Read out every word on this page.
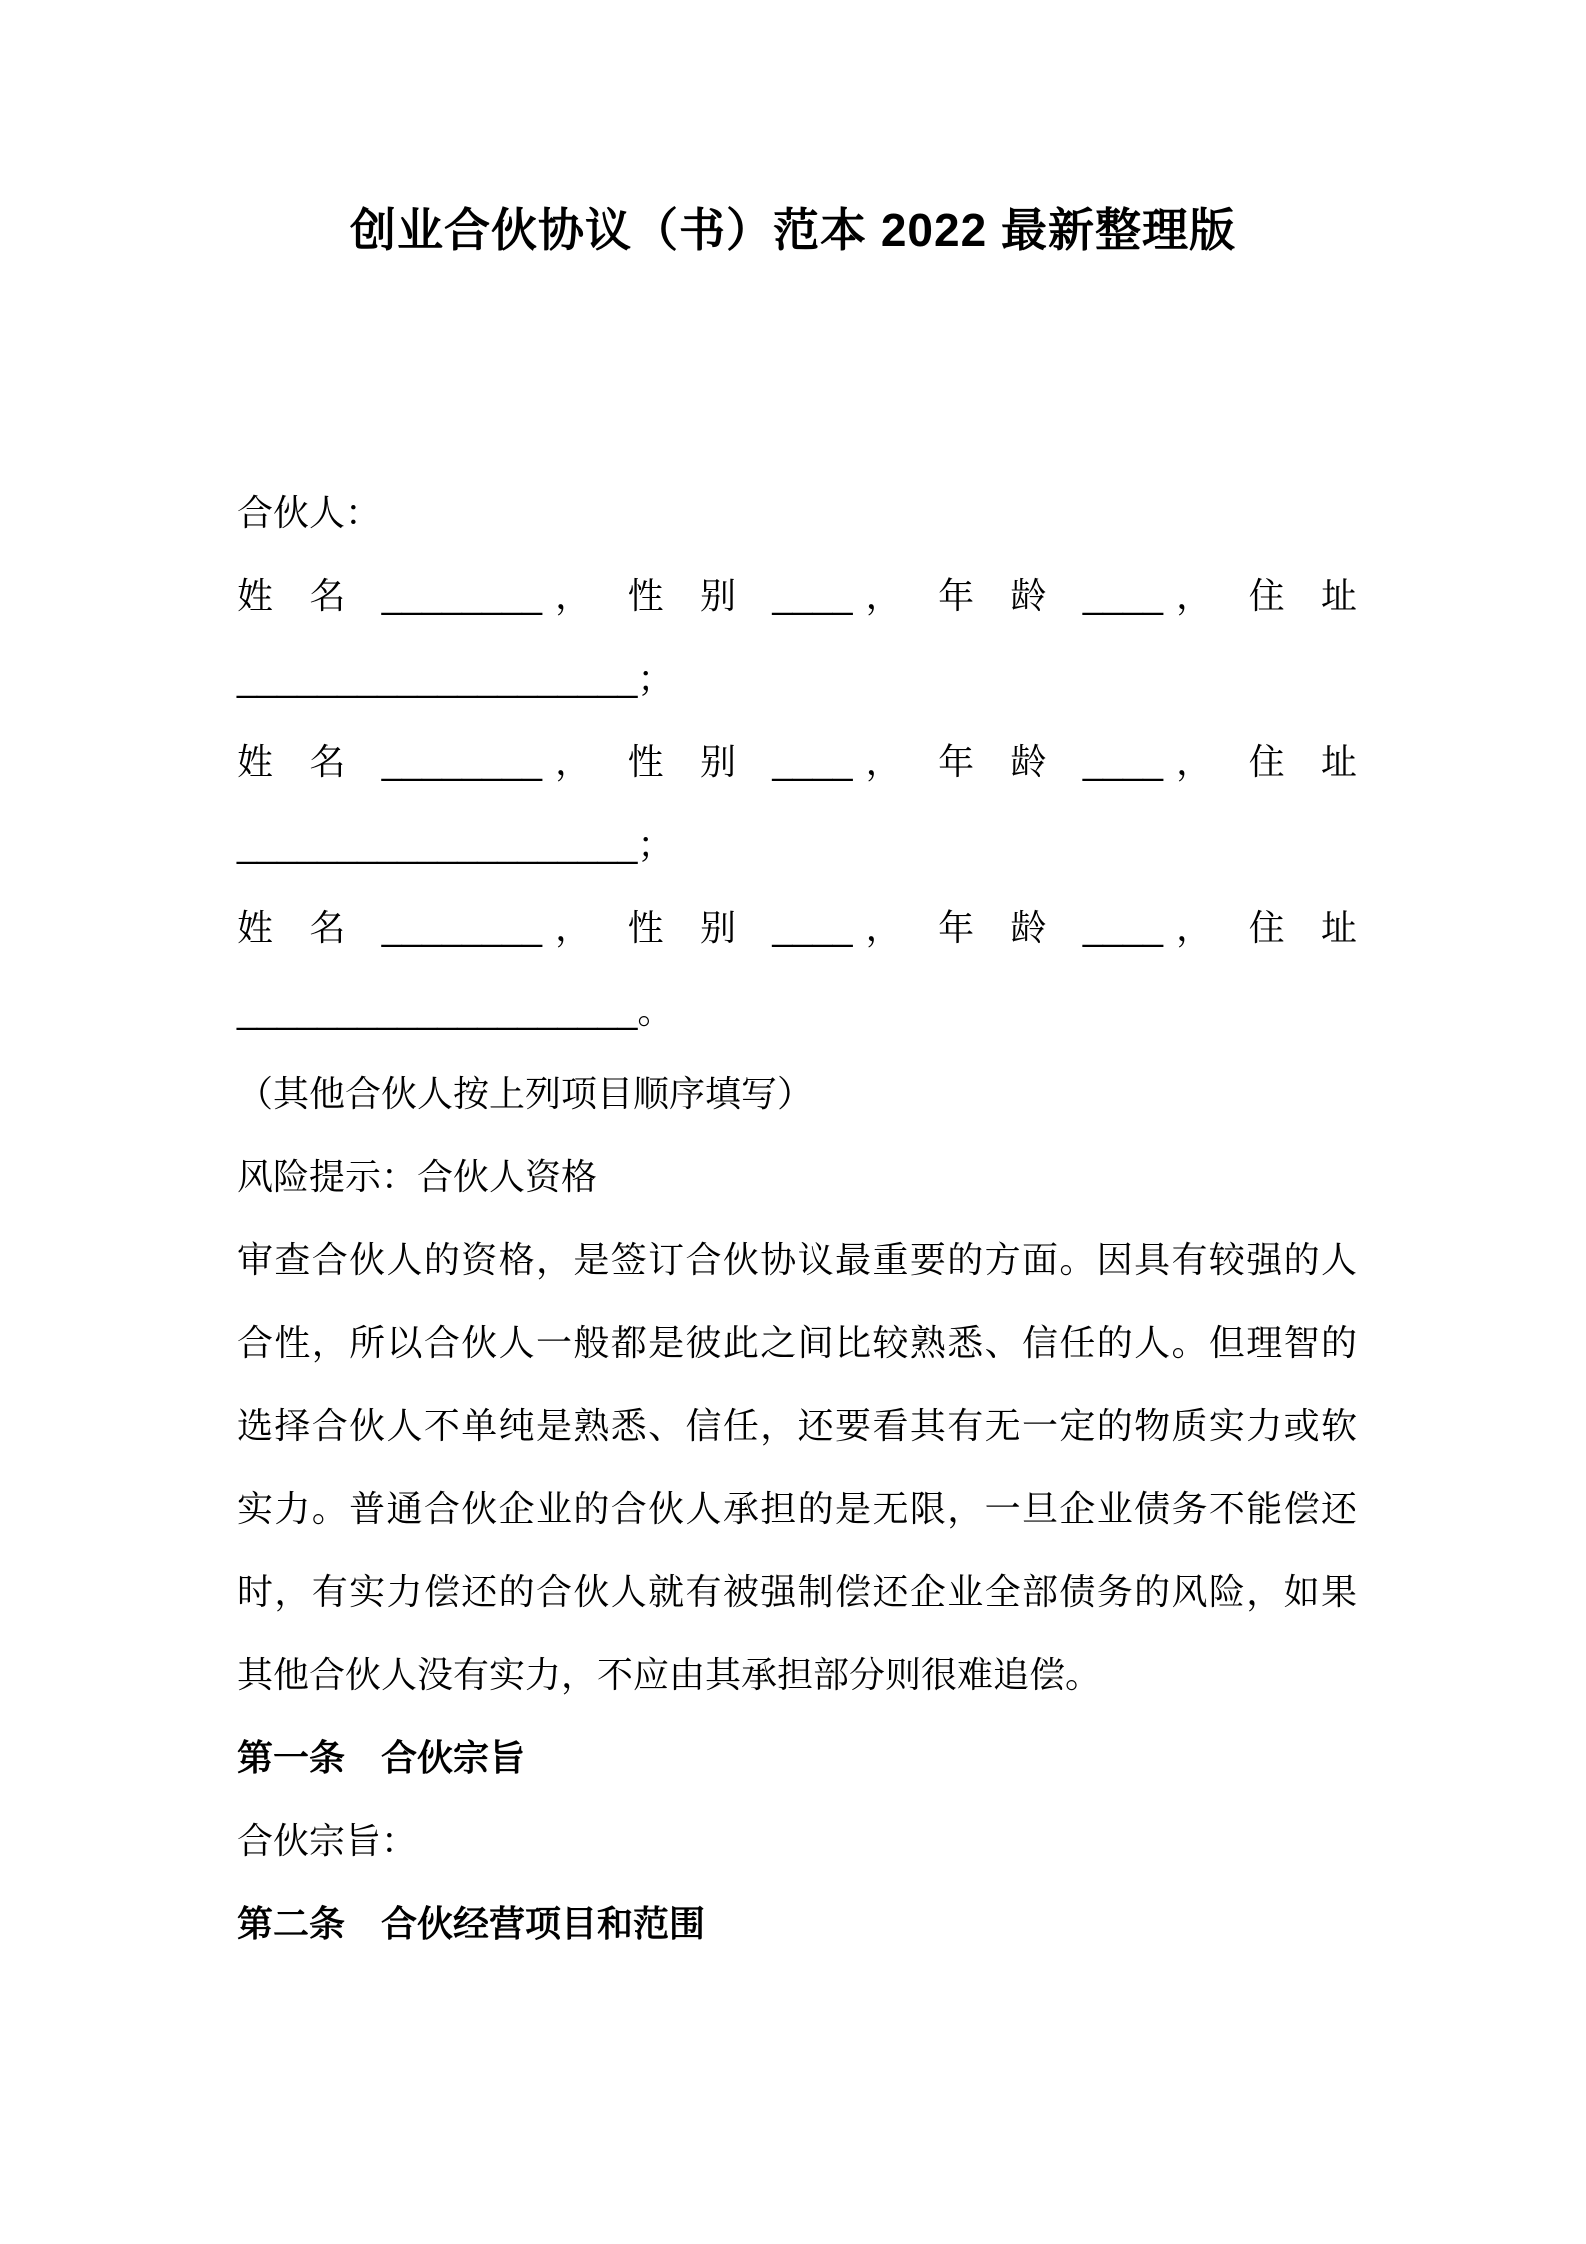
创业合伙协议（书）范本 2022 最新整理版
合伙人：
姓 名 ________， 性 别 ____， 年 龄 ____， 住 址
____________________；
姓 名 ________， 性 别 ____， 年 龄 ____， 住 址
____________________；
姓 名 ________， 性 别 ____， 年 龄 ____， 住 址
____________________。
（其他合伙人按上列项目顺序填写）
风险提示：合伙人资格
审查合伙人的资格，是签订合伙协议最重要的方面。因具有较强的人
合性，所以合伙人一般都是彼此之间比较熟悉、信任的人。但理智的
选择合伙人不单纯是熟悉、信任，还要看其有无一定的物质实力或软
实力。普通合伙企业的合伙人承担的是无限，一旦企业债务不能偿还
时，有实力偿还的合伙人就有被强制偿还企业全部债务的风险，如果
其他合伙人没有实力，不应由其承担部分则很难追偿。
第一条　合伙宗旨
合伙宗旨：
第二条　合伙经营项目和范围
